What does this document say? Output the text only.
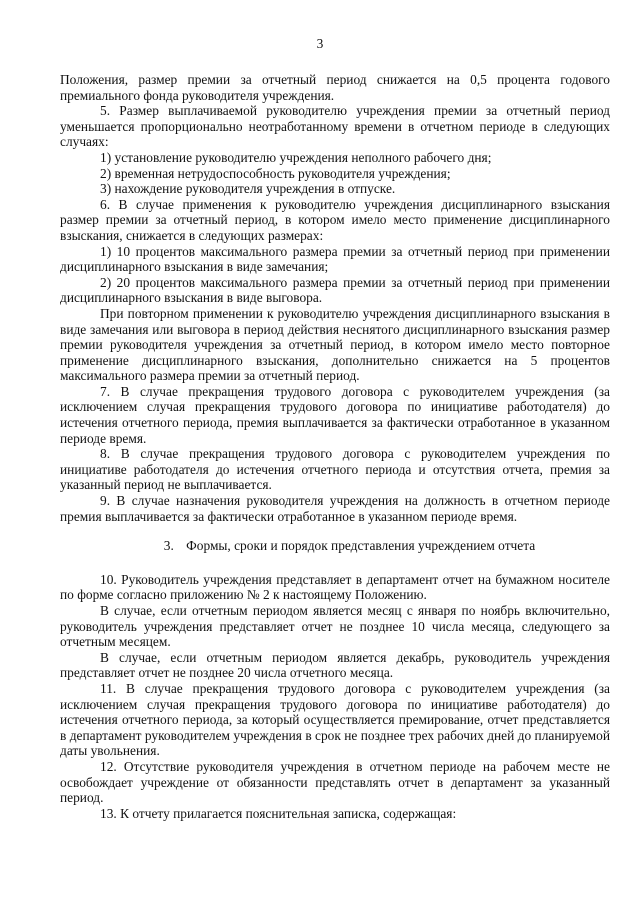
3

Положения, размер премии за отчетный период снижается на 0,5 процента годового премиального фонда руководителя учреждения.

5. Размер выплачиваемой руководителю учреждения премии за отчетный период уменьшается пропорционально неотработанному времени в отчетном периоде в следующих случаях:

1) установление руководителю учреждения неполного рабочего дня;

2) временная нетрудоспособность руководителя учреждения;

3) нахождение руководителя учреждения в отпуске.

6. В случае применения к руководителю учреждения дисциплинарного взыскания размер премии за отчетный период, в котором имело место применение дисциплинарного взыскания, снижается в следующих размерах:

1) 10 процентов максимального размера премии за отчетный период при применении дисциплинарного взыскания в виде замечания;

2) 20 процентов максимального размера премии за отчетный период при применении дисциплинарного взыскания в виде выговора.

При повторном применении к руководителю учреждения дисциплинарного взыскания в виде замечания или выговора в период действия неснятого дисциплинарного взыскания размер премии руководителя учреждения за отчетный период, в котором имело место повторное применение дисциплинарного взыскания, дополнительно снижается на 5 процентов максимального размера премии за отчетный период.

7. В случае прекращения трудового договора с руководителем учреждения (за исключением случая прекращения трудового договора по инициативе работодателя) до истечения отчетного периода, премия выплачивается за фактически отработанное в указанном периоде время.

8. В случае прекращения трудового договора с руководителем учреждения по инициативе работодателя до истечения отчетного периода и отсутствия отчета, премия за указанный период не выплачивается.

9. В случае назначения руководителя учреждения на должность в отчетном периоде премия выплачивается за фактически отработанное в указанном периоде время.

3. Формы, сроки и порядок представления учреждением отчета

10. Руководитель учреждения представляет в департамент отчет на бумажном носителе по форме согласно приложению № 2 к настоящему Положению.

В случае, если отчетным периодом является месяц с января по ноябрь включительно, руководитель учреждения представляет отчет не позднее 10 числа месяца, следующего за отчетным месяцем.

В случае, если отчетным периодом является декабрь, руководитель учреждения представляет отчет не позднее 20 числа отчетного месяца.

11. В случае прекращения трудового договора с руководителем учреждения (за исключением случая прекращения трудового договора по инициативе работодателя) до истечения отчетного периода, за который осуществляется премирование, отчет представляется в департамент руководителем учреждения в срок не позднее трех рабочих дней до планируемой даты увольнения.

12. Отсутствие руководителя учреждения в отчетном периоде на рабочем месте не освобождает учреждение от обязанности представлять отчет в департамент за указанный период.

13. К отчету прилагается пояснительная записка, содержащая:
